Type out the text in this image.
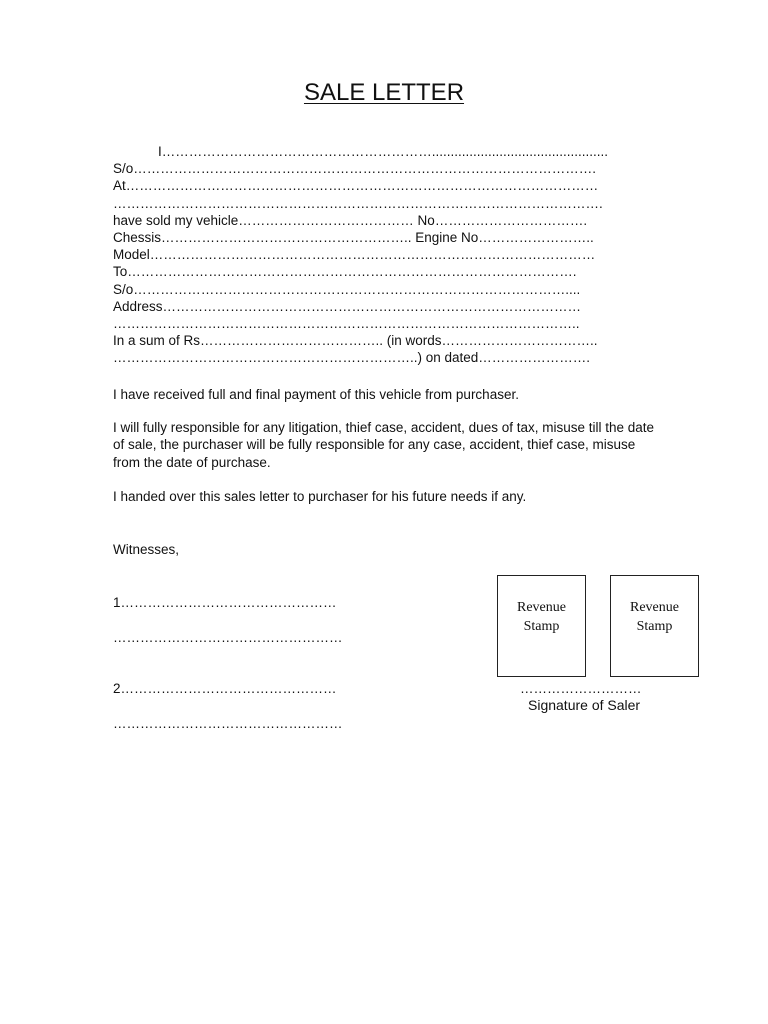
SALE LETTER
I……………………………………………………...............................................
S/o………………………………………………………………………………………….
At……………………………………………………………………………………………
……………………………………………………………………………………………….
have sold my vehicle………………………………… No…………………………….
Chessis……………………………………………….. Engine No……………………..
Model………………………………………………………………………………………
To……………………………………………………………………………………….
S/o……………………………………………………………………………………....
Address…………………………………………………………………………………
…………………………………………………………………………………………..
In a sum of Rs………………………………….. (in words……………………………..
…………………………………………………………..) on dated…………………….
I have received full and final payment of this vehicle from purchaser.
I will fully responsible for any litigation, thief case, accident, dues of tax, misuse till the date of sale, the purchaser will be fully responsible for any case, accident, thief case, misuse from the date of purchase.
I handed over this sales letter to purchaser for his future needs if any.
Witnesses,
1…………………………………………
……………………………………………
2…………………………………………
……………………………………………
Revenue
Stamp
Revenue
Stamp
………………………
Signature of Saler
